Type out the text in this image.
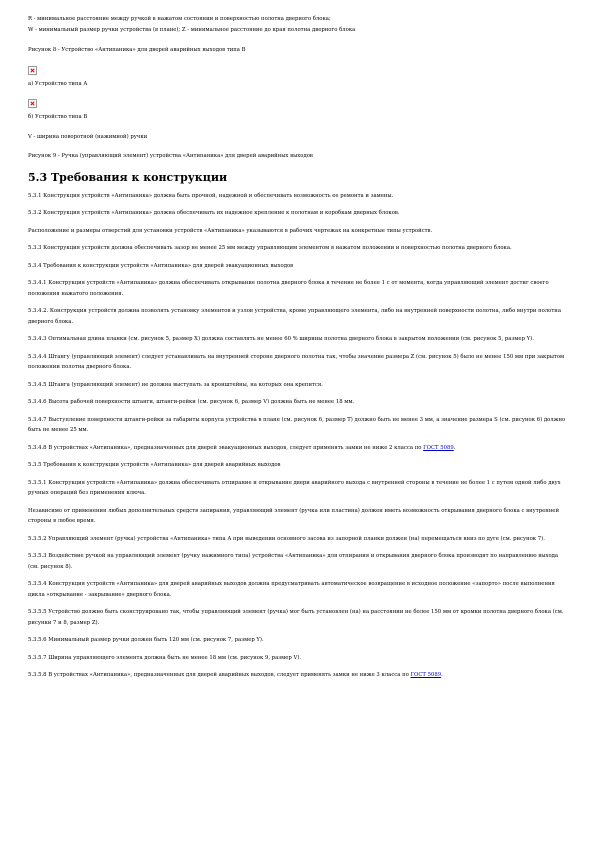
R - минимальное расстояние между ручкой в нажатом состоянии и поверхностью полотна дверного блока;

W - минимальный размер ручки устройства (в плане); Z - минимальное расстояние до края полотна дверного блока

Рисунок 8 - Устройство «Антипаника» для дверей аварийных выходов типа B

а) Устройство типа А

б) Устройство типа В

V - ширина поворотной (нажимной) ручки

Рисунок 9 - Ручка (управляющий элемент) устройства «Антипаника» для дверей аварийных выходов

5.3 Требования к конструкции

5.3.1 Конструкция устройств «Антипаника» должна быть прочной, надежной и обеспечивать возможность ее ремонта и замены.

5.3.2 Конструкция устройств «Антипаника» должна обеспечивать их надежное крепление к полотнам и коробкам дверных блоков.

Расположение и размеры отверстий для установки устройств «Антипаника» указываются в рабочих чертежах на конкретные типы устройств.

5.3.3 Конструкция устройств должна обеспечивать зазор не менее 25 мм между управляющим элементом в нажатом положении и поверхностью полотна дверного блока.

5.3.4 Требования к конструкции устройств «Антипаника» для дверей эвакуационных выходов

5.3.4.1 Конструкция устройств «Антипаника» должна обеспечивать открывание полотна дверного блока в течение не более 1 с от момента, когда управляющий элемент достиг своего положения нажатого положения.

5.3.4.2. Конструкция устройств должна позволять установку элементов и узлов устройства, кроме управляющего элемента, либо на внутренней поверхности полотна, либо внутри полотна дверного блока.

5.3.4.3 Оптимальная длина планки (см. рисунок 5, размер X) должна составлять не менее 60 % ширины полотна дверного блока в закрытом положении (см. рисунок 5, размер Y).

5.3.4.4 Штангу (управляющий элемент) следует устанавливать на внутренней стороне дверного полотна так, чтобы значение размера Z (см. рисунок 5) было не менее 150 мм при закрытом положении полотна дверного блока.

5.3.4.5 Штанга (управляющий элемент) не должна выступать за кронштейны, на которых она крепится.

5.3.4.6 Высота рабочей поверхности штанги, штанги-рейки (см. рисунок 6, размер V) должна быть не менее 18 мм.

5.3.4.7 Выступление поверхности штанги-рейки за габариты корпуса устройства в плане (см. рисунок 6, размер T) должно быть не менее 3 мм, а значение размера S (см. рисунок 6) должно быть не менее 25 мм.

5.3.4.8 В устройствах «Антипаника», предназначенных для дверей эвакуационных выходов, следует применять замки не ниже 2 класса по ГОСТ 5089.

5.3.5 Требования к конструкции устройств «Антипаника» для дверей аварийных выходов

5.3.5.1 Конструкция устройств «Антипаника» должна обеспечивать отпирание и открывание двери аварийного выхода с внутренней стороны в течение не более 1 с путем одной либо двух ручных операций без применения ключа.

Независимо от применения любых дополнительных средств запирания, управляющий элемент (ручка или пластина) должен иметь возможность открывания дверного блока с внутренней стороны в любое время.

5.3.5.2 Управляющий элемент (ручка) устройства «Антипаника» типа А при выведении основного засова из запорной планки должен (на) перемещаться вниз по дуге (см. рисунок 7).

5.3.5.3 Воздействие ручкой на управляющий элемент (ручку нажимного типа) устройства «Антипаника» для отпирания и открывания дверного блока производят по направлению выхода (см. рисунок 8).

5.3.5.4 Конструкция устройств «Антипаника» для дверей аварийных выходов должна предусматривать автоматическое возвращение в исходное положение «запорто» после выполнения цикла «открывание - закрывание» дверного блока.

5.3.5.5 Устройство должно быть сконструировано так, чтобы управляющий элемент (ручка) мог быть установлен (на) на расстоянии не более 150 мм от кромки полотна дверного блока (см. рисунки 7 и 8, размер Z).

5.3.5.6 Минимальный размер ручки должен быть 120 мм (см. рисунок 7, размер Y).

5.3.5.7 Ширина управляющего элемента должна быть не менее 18 мм (см. рисунок 9, размер V).

5.3.5.8 В устройствах «Антипаника», предназначенных для дверей аварийных выходов, следует применять замки не ниже 3 класса по ГОСТ 5089.
